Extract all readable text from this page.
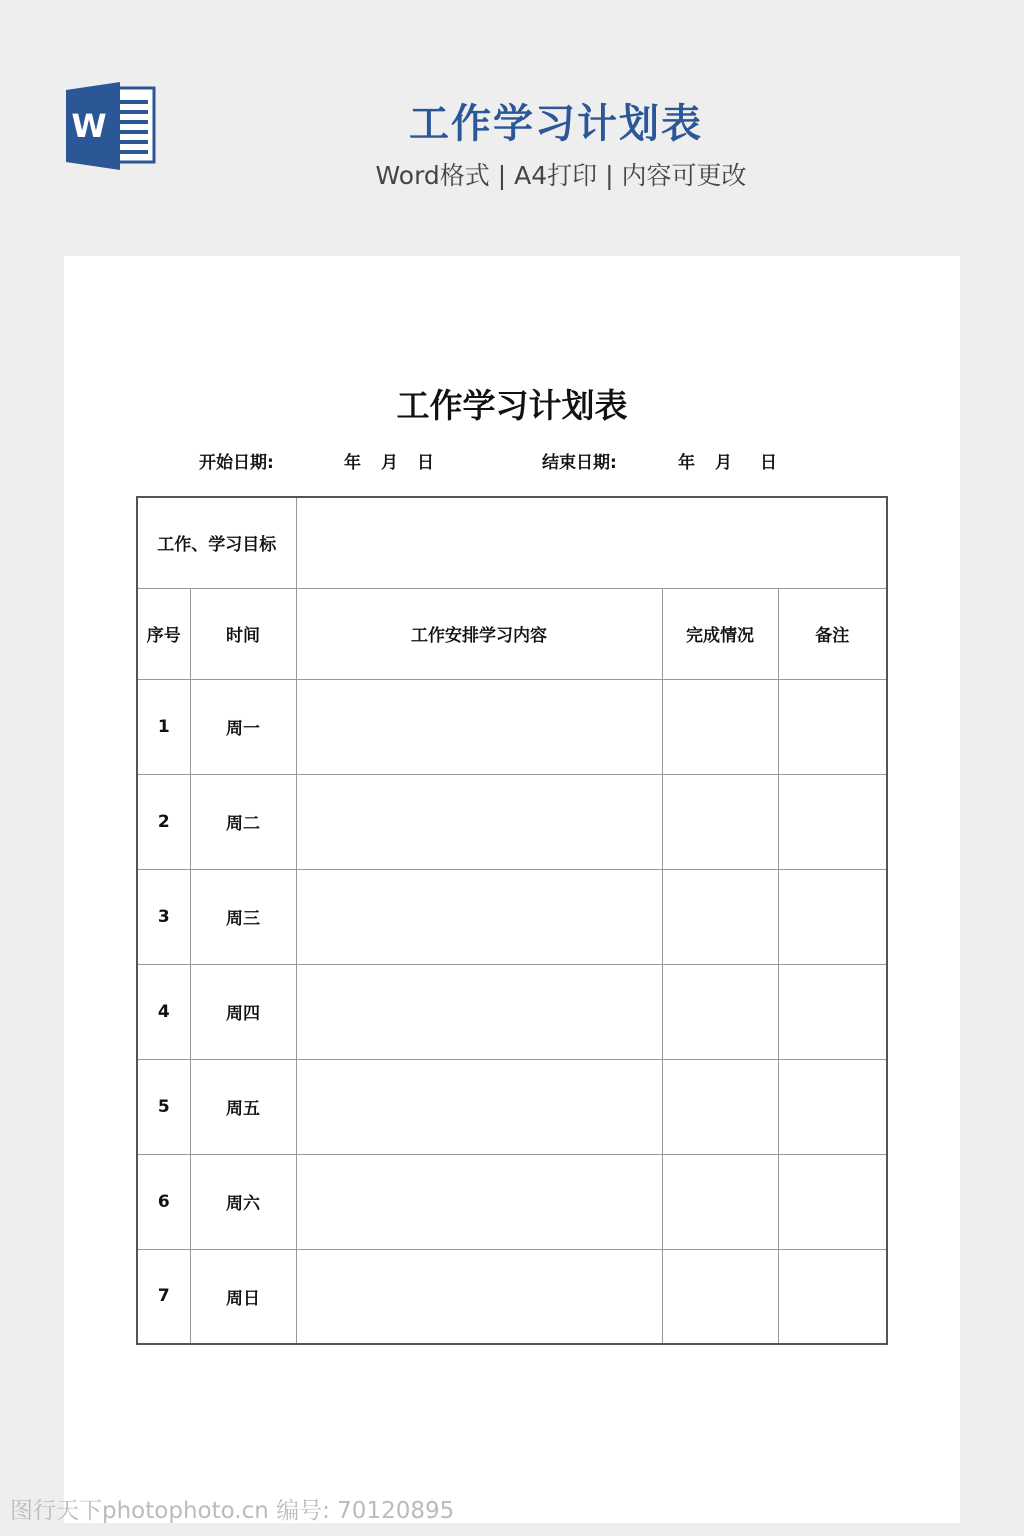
W	工作学习计划表
Word格式 | A4打印 | 内容可更改
工作学习计划表
开始日期:	年 月 日	结束日期:	年 月 日
工作、学习目标				
序号	时间	工作安排学习内容	完成情况	备注
1	周一			
2	周二			
3	周三			
4	周四			
5	周五			
6	周六			
7	周日			
图行天下photophoto.cn 编号: 70120895
